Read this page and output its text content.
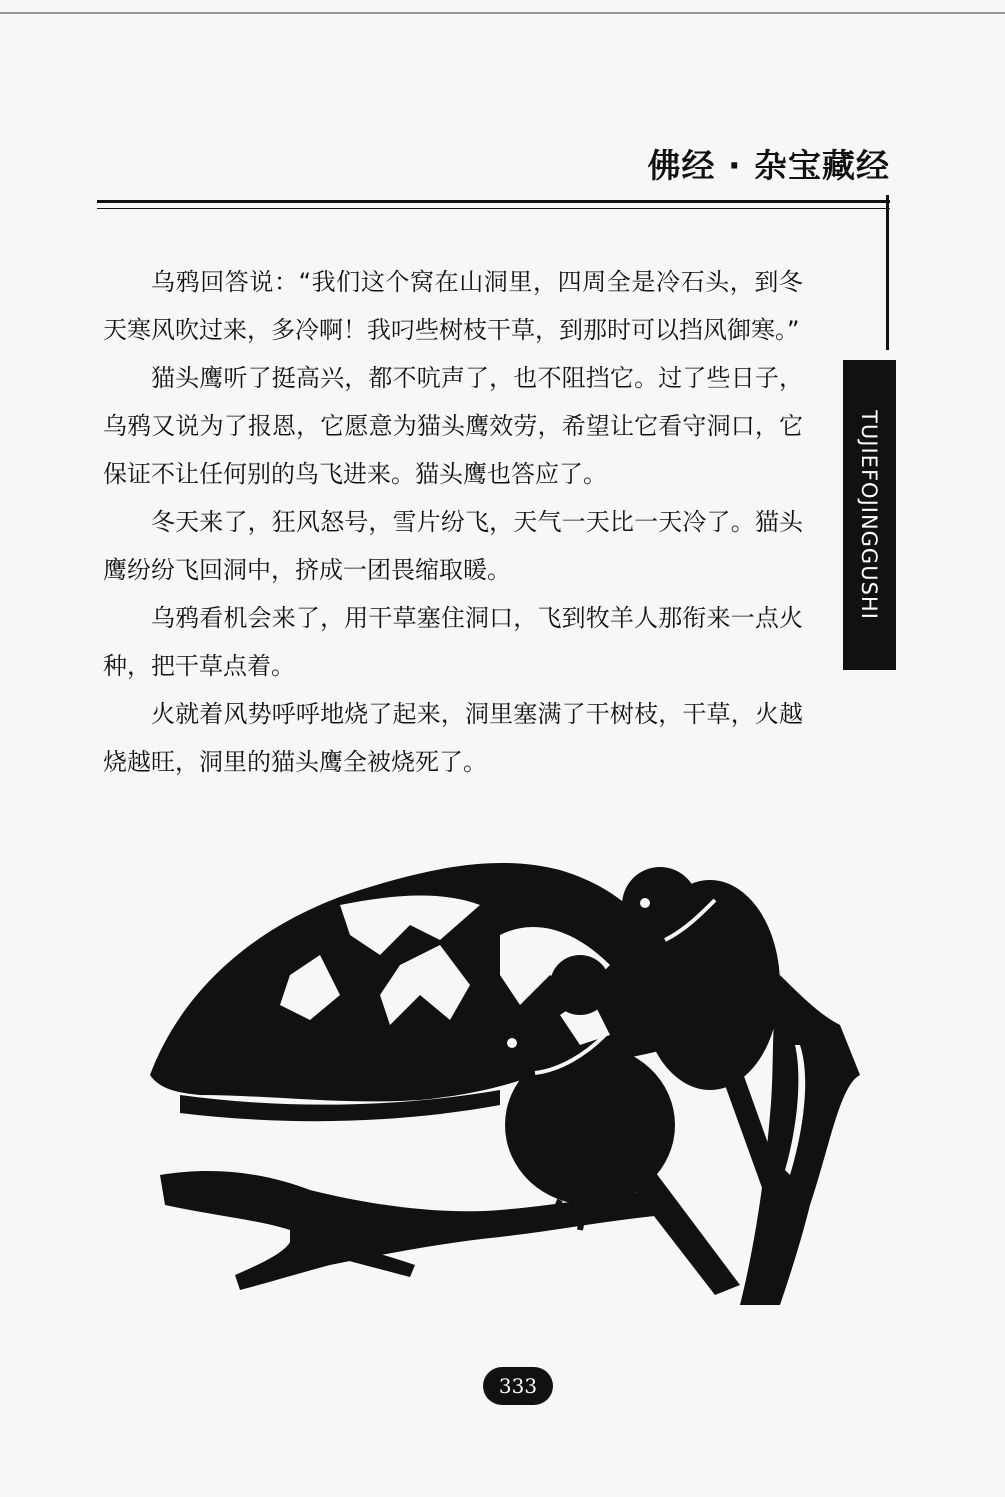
佛经 · 杂宝藏经
TUJIEFOJINGGUSHI

乌鸦回答说：“我们这个窝在山洞里，四周全是冷石头，到冬天寒风吹过来，多冷啊！我叼些树枝干草，到那时可以挡风御寒。”

猫头鹰听了挺高兴，都不吭声了，也不阻挡它。过了些日子，乌鸦又说为了报恩，它愿意为猫头鹰效劳，希望让它看守洞口，它保证不让任何别的鸟飞进来。猫头鹰也答应了。

冬天来了，狂风怒号，雪片纷飞，天气一天比一天冷了。猫头鹰纷纷飞回洞中，挤成一团畏缩取暖。

乌鸦看机会来了，用干草塞住洞口，飞到牧羊人那衔来一点火种，把干草点着。

火就着风势呼呼地烧了起来，洞里塞满了干树枝，干草，火越烧越旺，洞里的猫头鹰全被烧死了。

333
